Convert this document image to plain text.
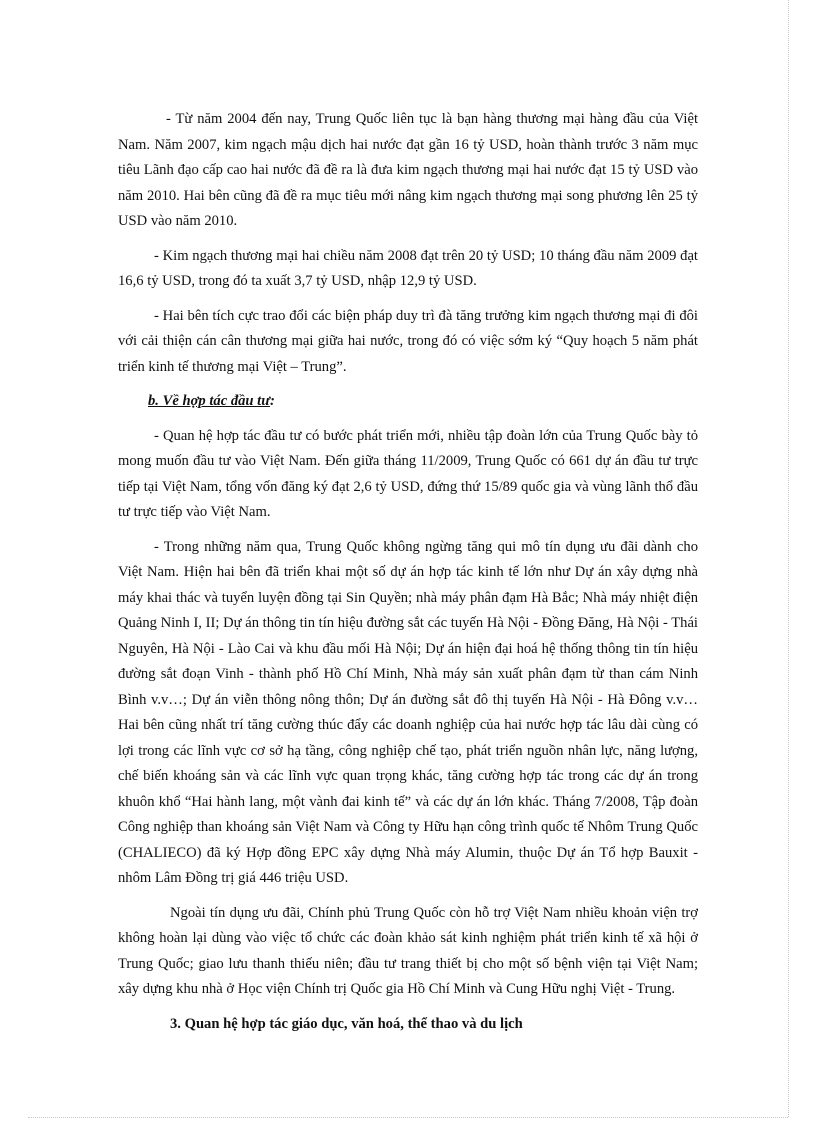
- Từ năm 2004 đến nay, Trung Quốc liên tục là bạn hàng thương mại hàng đầu của Việt Nam. Năm 2007, kim ngạch mậu dịch hai nước đạt gần 16 tỷ USD, hoàn thành trước 3 năm mục tiêu Lãnh đạo cấp cao hai nước đã đề ra là đưa kim ngạch thương mại hai nước đạt 15 tỷ USD vào năm 2010. Hai bên cũng đã đề ra mục tiêu mới nâng kim ngạch thương mại song phương lên 25 tỷ USD vào năm 2010.

- Kim ngạch thương mại hai chiều năm 2008 đạt trên 20 tỷ USD; 10 tháng đầu năm 2009 đạt 16,6 tỷ USD, trong đó ta xuất 3,7 tỷ USD, nhập 12,9 tỷ USD.

- Hai bên tích cực trao đổi các biện pháp duy trì đà tăng trưởng kim ngạch thương mại đi đôi với cải thiện cán cân thương mại giữa hai nước, trong đó có việc sớm ký “Quy hoạch 5 năm phát triển kinh tế thương mại Việt – Trung”.

b. Về hợp tác đầu tư:

- Quan hệ hợp tác đầu tư có bước phát triển mới, nhiều tập đoàn lớn của Trung Quốc bày tỏ mong muốn đầu tư vào Việt Nam. Đến giữa tháng 11/2009, Trung Quốc có 661 dự án đầu tư trực tiếp tại Việt Nam, tổng vốn đăng ký đạt 2,6 tỷ USD, đứng thứ 15/89 quốc gia và vùng lãnh thổ đầu tư trực tiếp vào Việt Nam.

- Trong những năm qua, Trung Quốc không ngừng tăng qui mô tín dụng ưu đãi dành cho Việt Nam. Hiện hai bên đã triển khai một số dự án hợp tác kinh tế lớn như Dự án xây dựng nhà máy khai thác và tuyển luyện đồng tại Sin Quyền; nhà máy phân đạm Hà Bắc; Nhà máy nhiệt điện Quảng Ninh I, II; Dự án thông tin tín hiệu đường sắt các tuyến Hà Nội - Đồng Đăng, Hà Nội - Thái Nguyên, Hà Nội - Lào Cai và khu đầu mối Hà Nội; Dự án hiện đại hoá hệ thống thông tin tín hiệu đường sắt đoạn Vinh - thành phố Hồ Chí Minh, Nhà máy sản xuất phân đạm từ than cám Ninh Bình v.v…; Dự án viễn thông nông thôn; Dự án đường sắt đô thị tuyến Hà Nội - Hà Đông v.v… Hai bên cũng nhất trí tăng cường thúc đẩy các doanh nghiệp của hai nước hợp tác lâu dài cùng có lợi trong các lĩnh vực cơ sở hạ tầng, công nghiệp chế tạo, phát triển nguồn nhân lực, năng lượng, chế biến khoáng sản và các lĩnh vực quan trọng khác, tăng cường hợp tác trong các dự án trong khuôn khổ “Hai hành lang, một vành đai kinh tế” và các dự án lớn khác. Tháng 7/2008, Tập đoàn Công nghiệp than khoáng sản Việt Nam và Công ty Hữu hạn công trình quốc tế Nhôm Trung Quốc (CHALIECO) đã ký Hợp đồng EPC xây dựng Nhà máy Alumin, thuộc Dự án Tổ hợp Bauxit - nhôm Lâm Đồng trị giá 446 triệu USD.

Ngoài tín dụng ưu đãi, Chính phủ Trung Quốc còn hỗ trợ Việt Nam nhiều khoản viện trợ không hoàn lại dùng vào việc tổ chức các đoàn khảo sát kinh nghiệm phát triển kinh tế xã hội ở Trung Quốc; giao lưu thanh thiếu niên; đầu tư trang thiết bị cho một số bệnh viện tại Việt Nam; xây dựng khu nhà ở Học viện Chính trị Quốc gia Hồ Chí Minh và Cung Hữu nghị Việt - Trung.

3. Quan hệ hợp tác giáo dục, văn hoá, thể thao và du lịch
